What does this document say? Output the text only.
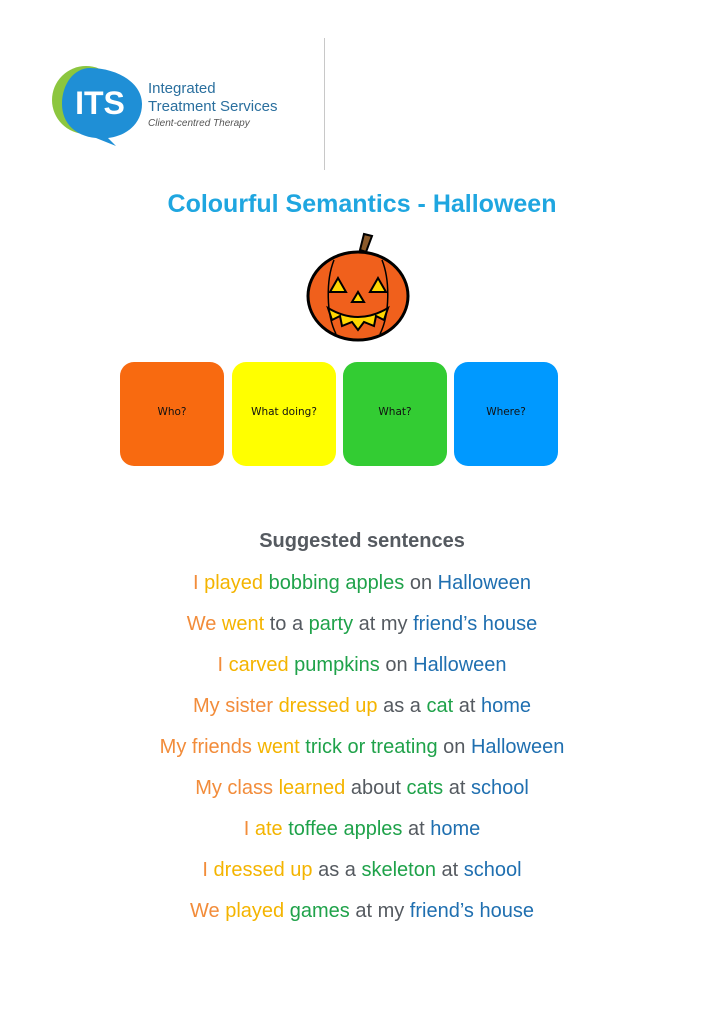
ITS Integrated
Treatment Services
Client-centred Therapy
Colourful Semantics - Halloween
Who?	What doing?	What?	Where?
Suggested sentences
I played bobbing apples on Halloween
We went to a party at my friend’s house
I carved pumpkins on Halloween
My sister dressed up as a cat at home
My friends went trick or treating on Halloween
My class learned about cats at school
I ate toffee apples at home
I dressed up as a skeleton at school
We played games at my friend’s house
